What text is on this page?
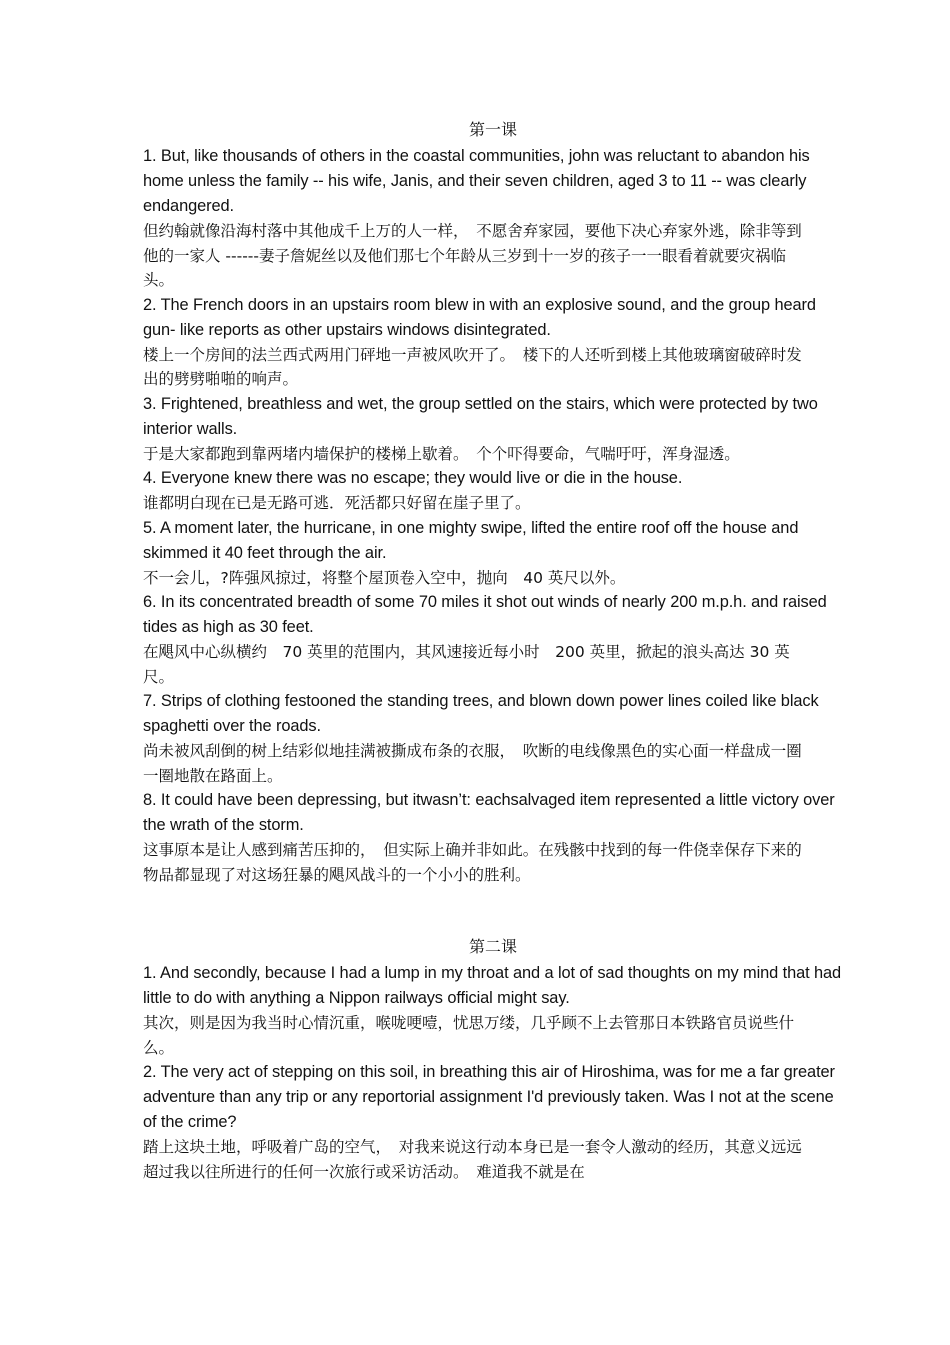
第一课

1. But, like thousands of others in the coastal communities, john was reluctant to abandon his home unless the family -- his wife, Janis, and their seven children, aged 3 to 11 -- was clearly endangered.

但约翰就像沿海村落中其他成千上万的人一样，　不愿舍弃家园，要他下决心弃家外逃，除非等到他的一家人 ------妻子詹妮丝以及他们那七个年龄从三岁到十一岁的孩子一一眼看着就要灾祸临头。

2. The French doors in an upstairs room blew in with an explosive sound, and the group heard gun- like reports as other upstairs windows disintegrated.

楼上一个房间的法兰西式两用门砰地一声被风吹开了。　楼下的人还听到楼上其他玻璃窗破碎时发出的劈劈啪啪的响声。

3. Frightened, breathless and wet, the group settled on the stairs, which were protected by two interior walls.

于是大家都跑到靠两堵内墙保护的楼梯上歇着。　个个吓得要命，气喘吁吁，浑身湿透。

4. Everyone knew there was no escape; they would live or die in the house.

谁都明白现在已是无路可逃．死活都只好留在崖子里了。

5. A moment later, the hurricane, in one mighty swipe, lifted the entire roof off the house and skimmed it 40 feet through the air.

不一会儿，?阵强风掠过，将整个屋顶卷入空中，抛向　40 英尺以外。

6. In its concentrated breadth of some 70 miles it shot out winds of nearly 200 m.p.h. and raised tides as high as 30 feet.

在飓风中心纵横约　70 英里的范围内，其风速接近每小时　200 英里，掀起的浪头高达 30 英尺。

7. Strips of clothing festooned the standing trees, and blown down power lines coiled like black spaghetti over the roads.

尚未被风刮倒的树上结彩似地挂满被撕成布条的衣服，　吹断的电线像黑色的实心面一样盘成一圈一圈地散在路面上。

8. It could have been depressing, but itwasn’t: eachsalvaged item represented a little victory over the wrath of the storm.

这事原本是让人感到痛苦压抑的，　但实际上确并非如此。在残骸中找到的每一件侥幸保存下来的物品都显现了对这场狂暴的飓风战斗的一个小小的胜利。

第二课

1. And secondly, because I had a lump in my throat and a lot of sad thoughts on my mind that had little to do with anything a Nippon railways official might say.

其次，则是因为我当时心情沉重，喉咙哽噎，忧思万缕，几乎顾不上去管那日本铁路官员说些什么。

2. The very act of stepping on this soil, in breathing this air of Hiroshima, was for me a far greater adventure than any trip or any reportorial assignment I'd previously taken. Was I not at the scene of the crime?

踏上这块土地，呼吸着广岛的空气，　对我来说这行动本身已是一套令人激动的经历，其意义远远超过我以往所进行的任何一次旅行或采访活动。　难道我不就是在
